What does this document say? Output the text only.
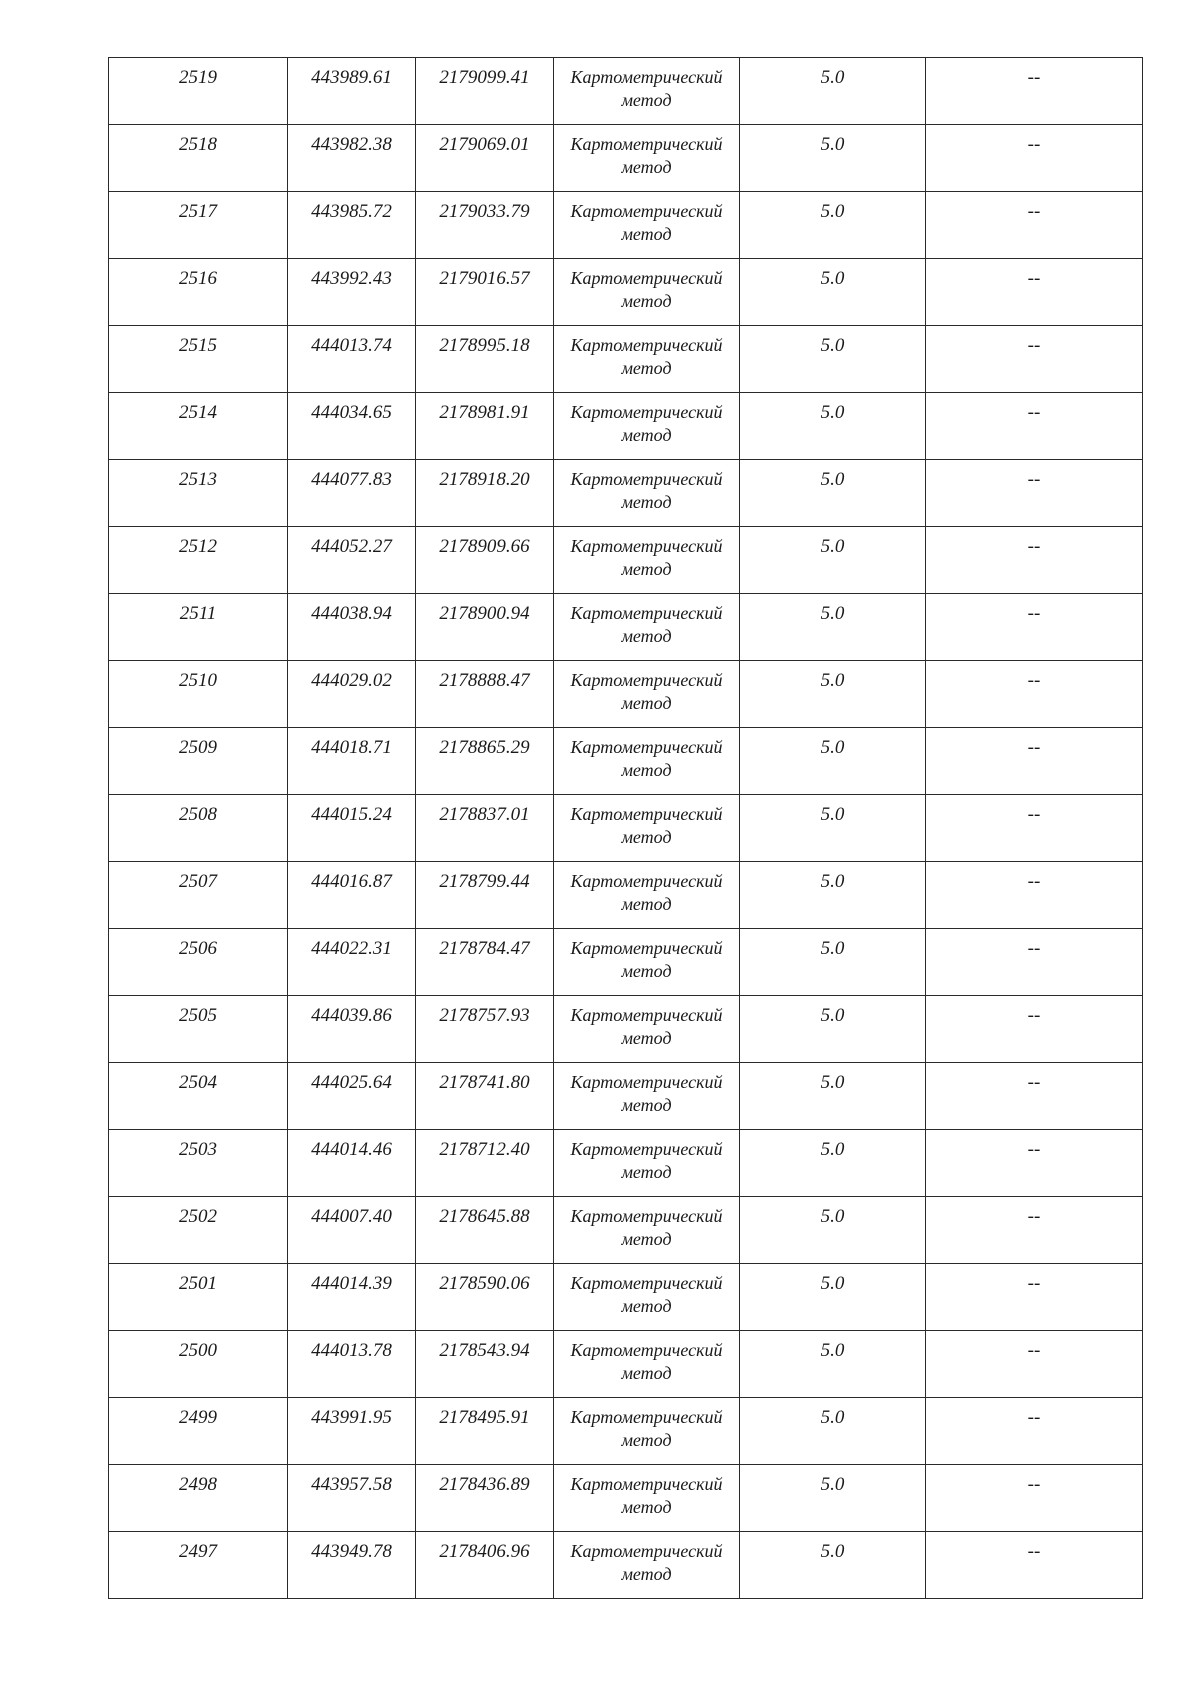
2519	443989.61	2179099.41	Картометрический метод	5.0	--
2518	443982.38	2179069.01	Картометрический метод	5.0	--
2517	443985.72	2179033.79	Картометрический метод	5.0	--
2516	443992.43	2179016.57	Картометрический метод	5.0	--
2515	444013.74	2178995.18	Картометрический метод	5.0	--
2514	444034.65	2178981.91	Картометрический метод	5.0	--
2513	444077.83	2178918.20	Картометрический метод	5.0	--
2512	444052.27	2178909.66	Картометрический метод	5.0	--
2511	444038.94	2178900.94	Картометрический метод	5.0	--
2510	444029.02	2178888.47	Картометрический метод	5.0	--
2509	444018.71	2178865.29	Картометрический метод	5.0	--
2508	444015.24	2178837.01	Картометрический метод	5.0	--
2507	444016.87	2178799.44	Картометрический метод	5.0	--
2506	444022.31	2178784.47	Картометрический метод	5.0	--
2505	444039.86	2178757.93	Картометрический метод	5.0	--
2504	444025.64	2178741.80	Картометрический метод	5.0	--
2503	444014.46	2178712.40	Картометрический метод	5.0	--
2502	444007.40	2178645.88	Картометрический метод	5.0	--
2501	444014.39	2178590.06	Картометрический метод	5.0	--
2500	444013.78	2178543.94	Картометрический метод	5.0	--
2499	443991.95	2178495.91	Картометрический метод	5.0	--
2498	443957.58	2178436.89	Картометрический метод	5.0	--
2497	443949.78	2178406.96	Картометрический метод	5.0	--
